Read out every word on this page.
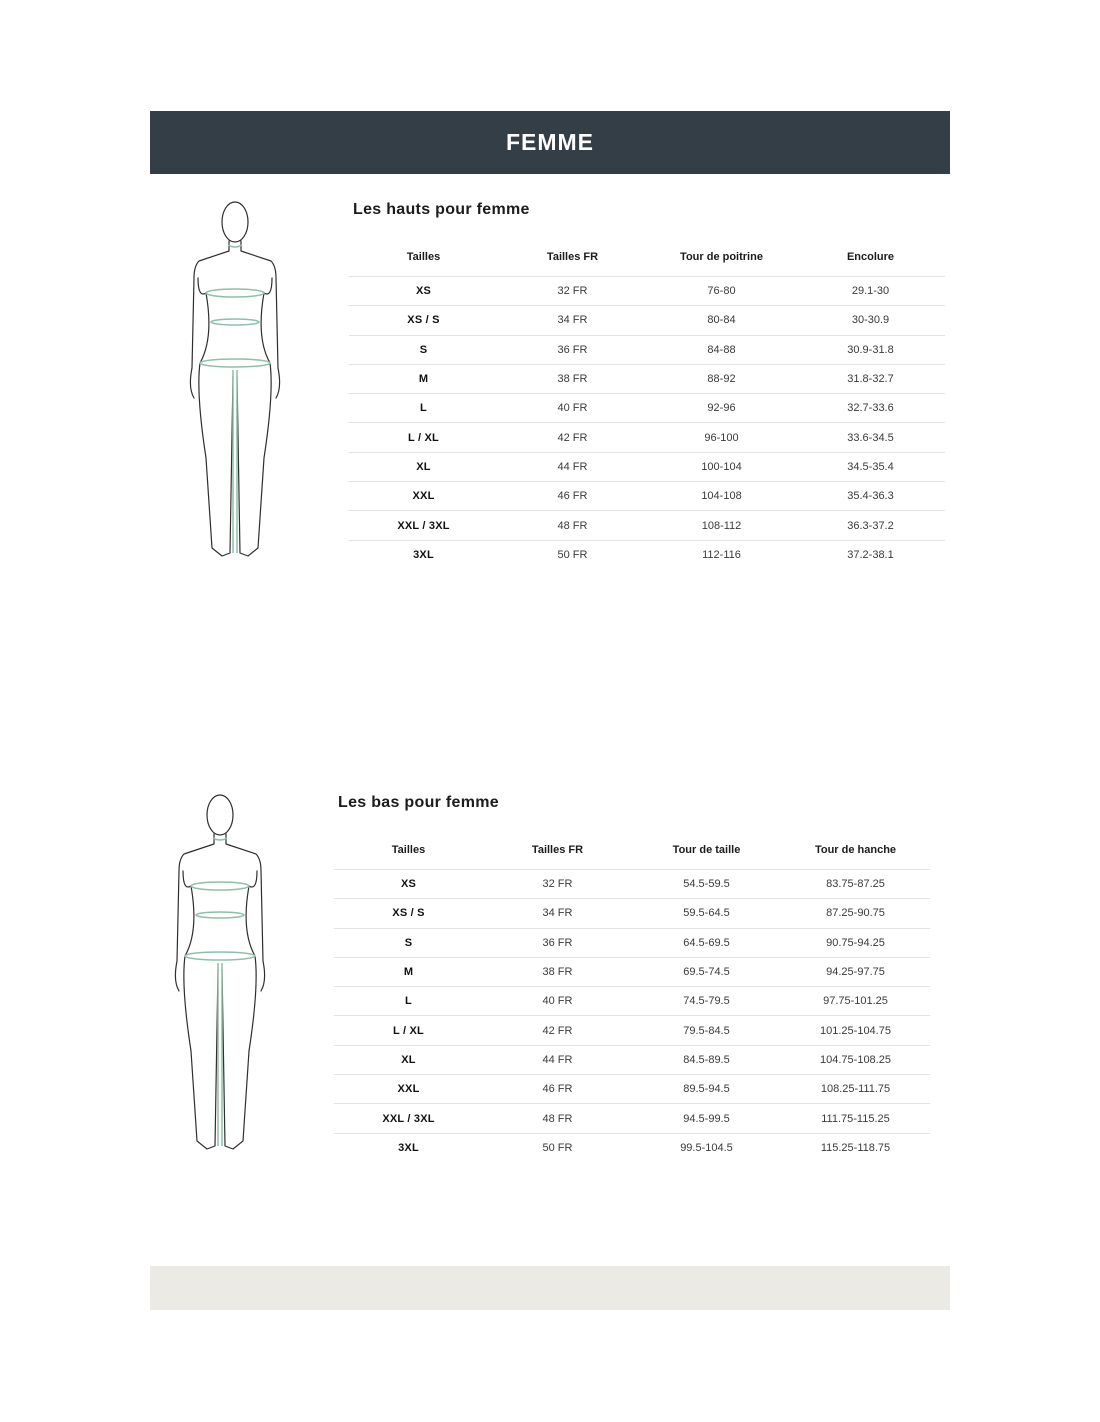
FEMME
Les hauts pour femme
Tailles	Tailles FR	Tour de poitrine	Encolure
XS	32 FR	76-80	29.1-30
XS / S	34 FR	80-84	30-30.9
S	36 FR	84-88	30.9-31.8
M	38 FR	88-92	31.8-32.7
L	40 FR	92-96	32.7-33.6
L / XL	42 FR	96-100	33.6-34.5
XL	44 FR	100-104	34.5-35.4
XXL	46 FR	104-108	35.4-36.3
XXL / 3XL	48 FR	108-112	36.3-37.2
3XL	50 FR	112-116	37.2-38.1
Les bas pour femme
Tailles	Tailles FR	Tour de taille	Tour de hanche
XS	32 FR	54.5-59.5	83.75-87.25
XS / S	34 FR	59.5-64.5	87.25-90.75
S	36 FR	64.5-69.5	90.75-94.25
M	38 FR	69.5-74.5	94.25-97.75
L	40 FR	74.5-79.5	97.75-101.25
L / XL	42 FR	79.5-84.5	101.25-104.75
XL	44 FR	84.5-89.5	104.75-108.25
XXL	46 FR	89.5-94.5	108.25-111.75
XXL / 3XL	48 FR	94.5-99.5	111.75-115.25
3XL	50 FR	99.5-104.5	115.25-118.75
